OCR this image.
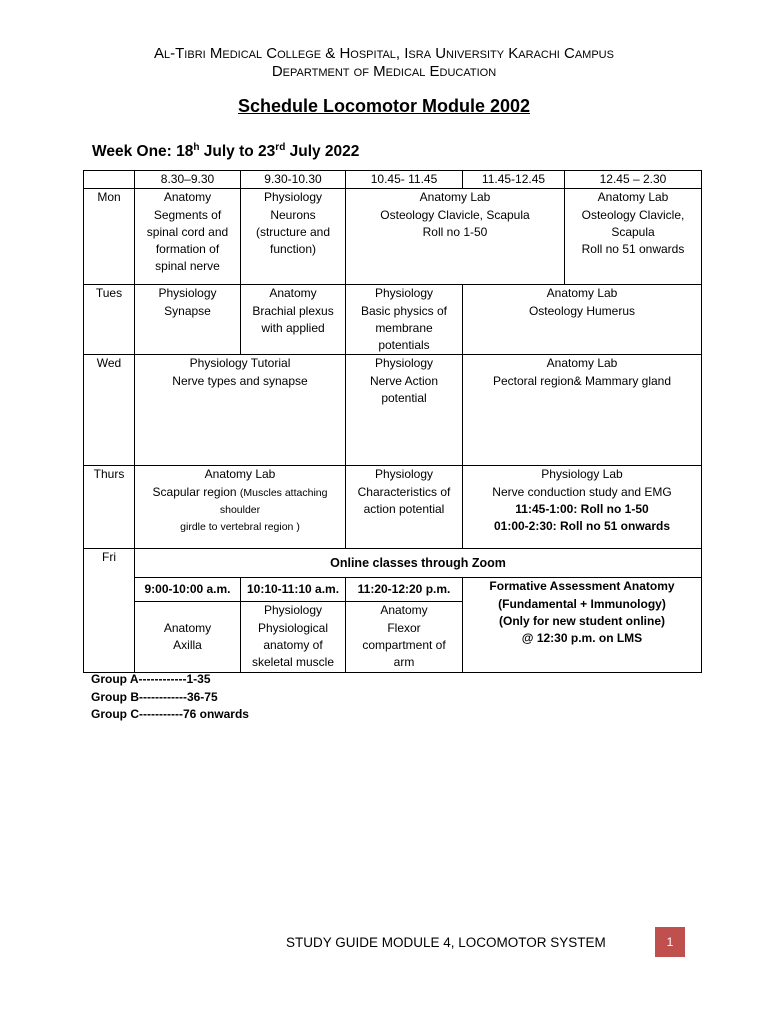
Al-Tibri Medical College & Hospital, Isra University Karachi Campus
Department of Medical Education
Schedule Locomotor Module 2002
Week One: 18$^h$ July to 23rd July 2022
	8.30–9.30	9.30-10.30	10.45- 11.45	11.45-12.45	12.45 – 2.30
Mon	Anatomy
Segments of
spinal cord and
formation of
spinal nerve	Physiology
Neurons
(structure and
function)	Anatomy Lab
Osteology Clavicle, Scapula
Roll no 1-50		Anatomy Lab
Osteology Clavicle,
Scapula
Roll no 51 onwards

Tues	Physiology
Synapse	Anatomy
Brachial plexus
with applied	Physiology
Basic physics of
membrane
potentials	Anatomy Lab
Osteology Humerus	

Wed	Physiology Tutorial
Nerve types and synapse		Physiology
Nerve Action
potential	Anatomy Lab
Pectoral region& Mammary gland	

Thurs	Anatomy Lab
Scapular region (Muscles attaching
shoulder
girdle to vertebral region )		Physiology
Characteristics of
action potential	Physiology Lab
Nerve conduction study and EMG
11:45-1:00: Roll no 1-50
01:00-2:30: Roll no 51 onwards	

Fri	Online classes through Zoom				
	9:00-10:00 a.m.	10:10-11:10 a.m.	11:20-12:20 p.m.	Formative Assessment Anatomy
(Fundamental + Immunology)
(Only for new student online)
@ 12:30 p.m. on LMS	

	Anatomy
Axilla	Physiology
Physiological
anatomy of
skeletal muscle	Anatomy
Flexor
compartment of
arm		
Group A------------1-35
Group B------------36-75
Group C-----------76 onwards
STUDY GUIDE MODULE 4, LOCOMOTOR SYSTEM	1
